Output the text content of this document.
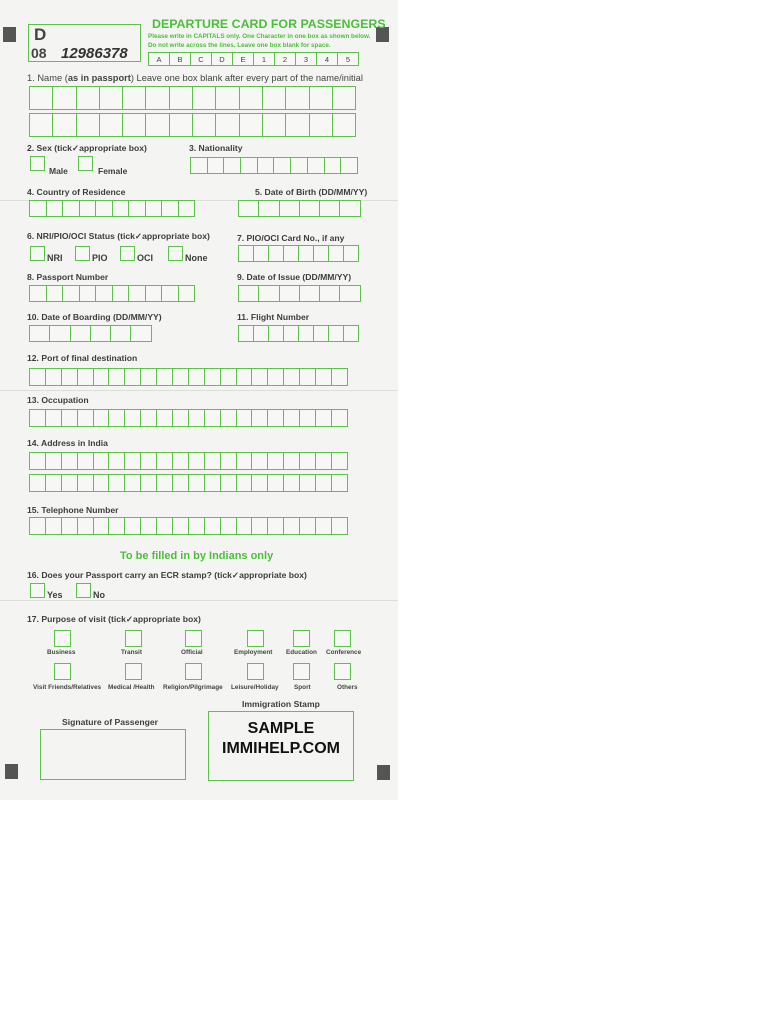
D
08 12986378
DEPARTURE CARD FOR PASSENGERS
Please write in CAPITALS only. One Character in one box as shown below.
Do not write across the lines. Leave one box blank for space.
A	B	C	D	E	1	2	3	4	5
1. Name (as in passport) Leave one box blank after every part of the name/initial
2. Sex (tick✓appropriate box)
Male	Female
3. Nationality
4. Country of Residence	5. Date of Birth (DD/MM/YY)
6. NRI/PIO/OCI Status (tick✓appropriate box)
NRI	PIO	OCI	None
7. PIO/OCI Card No., if any
8. Passport Number	9. Date of Issue (DD/MM/YY)
10. Date of Boarding (DD/MM/YY)	11. Flight Number
12. Port of final destination
13. Occupation
14. Address in India
15. Telephone Number
To be filled in by Indians only
16. Does your Passport carry an ECR stamp? (tick✓appropriate box)
Yes	No
17. Purpose of visit (tick✓appropriate box)
Business	Transit	Official	Employment Education Conference
Visit Friends/Relatives Medical /Health Religion/Pilgrimage Leisure/Holiday Sport	Others
Signature of Passenger
Immigration Stamp
SAMPLE
IMMIHELP.COM
